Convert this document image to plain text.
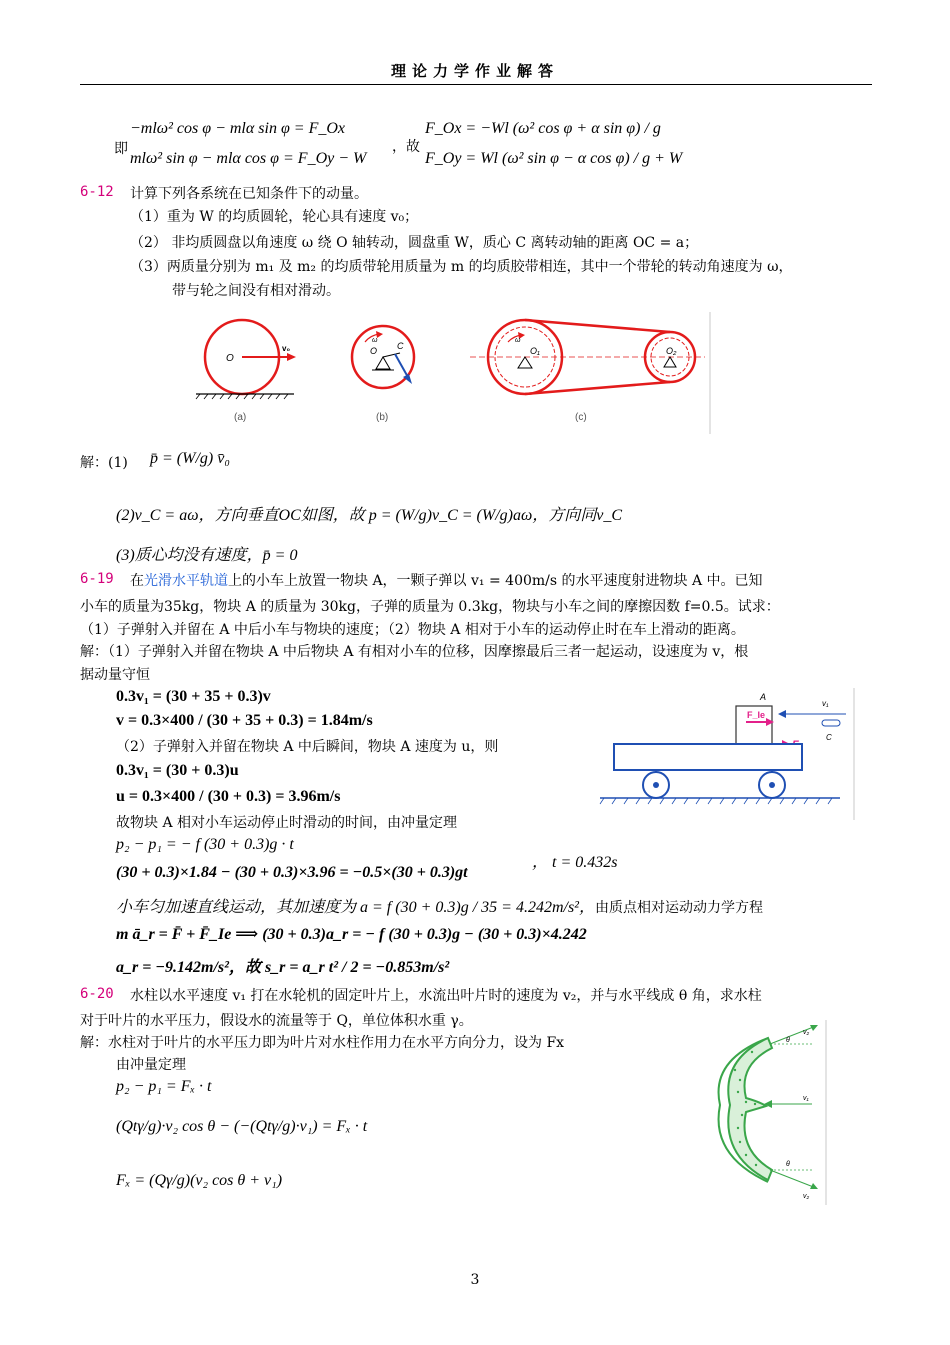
理论力学作业解答
即
−mlω² cos φ − mlα sin φ = F_Ox
mlω² sin φ − mlα cos φ = F_Oy − W
，故
F_Ox = −Wl (ω² cos φ + α sin φ) / g
F_Oy = Wl (ω² sin φ − α cos φ) / g + W
6-12 计算下列各系统在已知条件下的动量。
（1）重为 W 的均质圆轮，轮心具有速度 v₀；
（2） 非均质圆盘以角速度 ω 绕 O 轴转动，圆盘重 W，质心 C 离转动轴的距离 OC = a；
（3）两质量分别为 m₁ 及 m₂ 的均质带轮用质量为 m 的均质胶带相连，其中一个带轮的转动角速度为 ω，
带与轮之间没有相对滑动。
O
v₀
(a)
O C
ω
(b)
O₁	O₂
ω
(c)
解：(1) p̄ = (W/g) v̄₀
(2)v_C = aω，方向垂直OC如图，故 p = (W/g)v_C = (W/g)aω，方向同v_C
(3)质心均没有速度，p̄ = 0
6-19 在光滑水平轨道上的小车上放置一物块 A，一颗子弹以 v₁ = 400m/s 的水平速度射进物块 A 中。已知
小车的质量为35kg，物块 A 的质量为 30kg，子弹的质量为 0.3kg，物块与小车之间的摩擦因数 f=0.5。试求：
（1）子弹射入并留在 A 中后小车与物块的速度；（2）物块 A 相对于小车的运动停止时在车上滑动的距离。
解：（1）子弹射入并留在物块 A 中后物块 A 有相对小车的位移，因摩擦最后三者一起运动，设速度为 v，根
据动量守恒
0.3v₁ = (30 + 35 + 0.3)v
v = 0.3×400 / (30 + 35 + 0.3) = 1.84m/s
（2）子弹射入并留在物块 A 中后瞬间，物块 A 速度为 u，则
0.3v₁ = (30 + 0.3)u
u = 0.3×400 / (30 + 0.3) = 3.96m/s
故物块 A 相对小车运动停止时滑动的时间，由冲量定理
p₂ − p₁ = − f (30 + 0.3)g · t
(30 + 0.3)×1.84 − (30 + 0.3)×3.96 = −0.5×(30 + 0.3)gt
， t = 0.432s
小车匀加速直线运动，其加速度为 a = f (30 + 0.3)g / 35 = 4.242m/s²，由质点相对运动动力学方程
m ā_r = F̄ + F̄_Ie ⟹ (30 + 0.3)a_r = − f (30 + 0.3)g − (30 + 0.3)×4.242
a_r = −9.142m/s²，故 s_r = a_r t² / 2 = −0.853m/s²
A
F_Ie
v₁
C
6-20 水柱以水平速度 v₁ 打在水轮机的固定叶片上，水流出叶片时的速度为 v₂，并与水平线成 θ 角，求水柱
对于叶片的水平压力，假设水的流量等于 Q，单位体积水重 γ。
解：水柱对于叶片的水平压力即为叶片对水柱作用力在水平方向分力，设为 Fx
由冲量定理
p₂ − p₁ = Fₓ · t
(Qtγ/g)·v₂ cos θ − (−(Qtγ/g)·v₁) = Fₓ · t
Fₓ = (Qγ/g)(v₂ cos θ + v₁)
v₁
v₂
θ
θ
v₂
3
